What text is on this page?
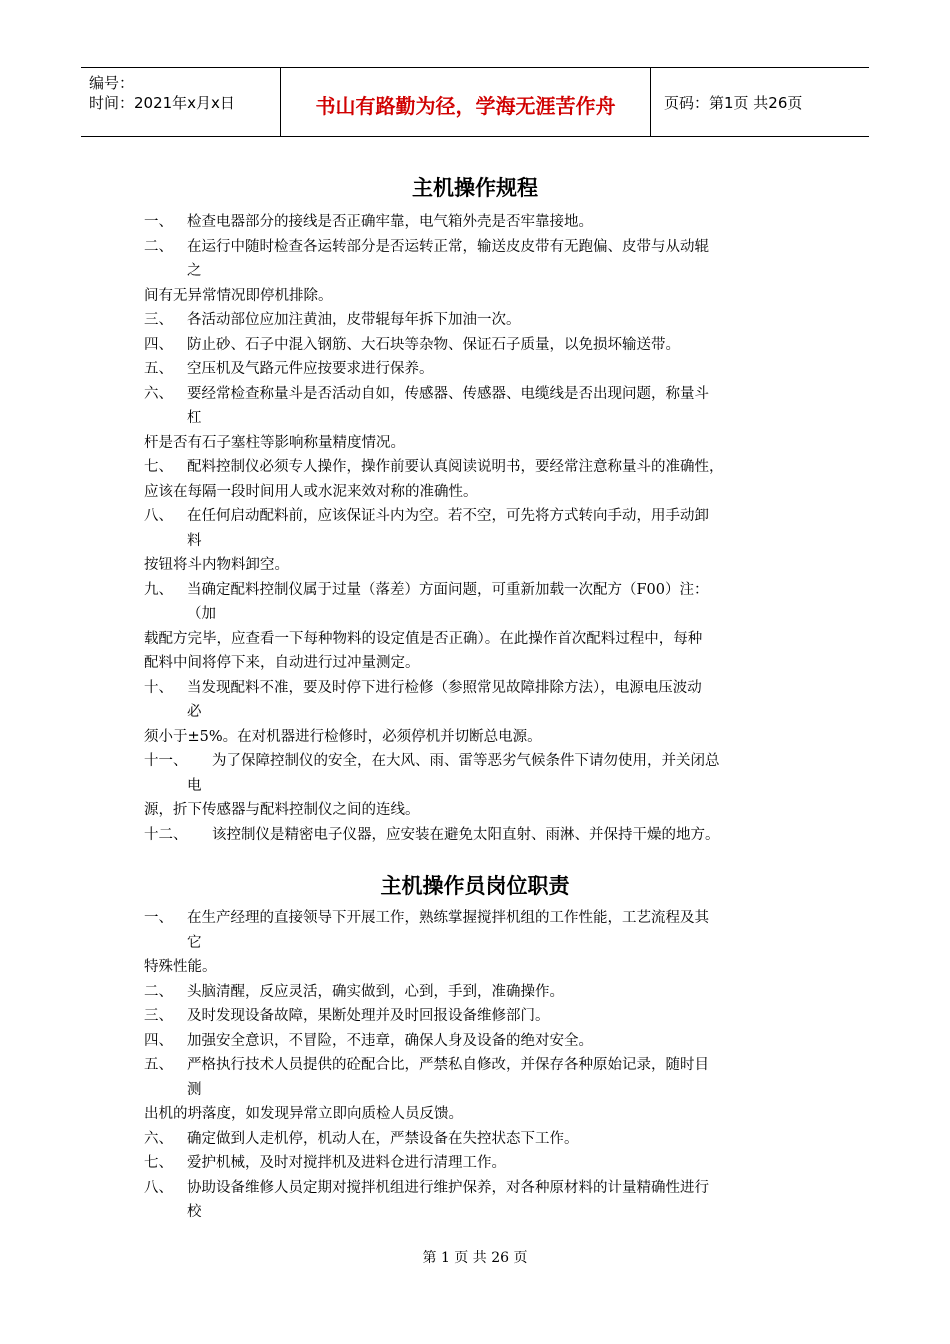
编号：
时间：2021年x月x日	书山有路勤为径，学海无涯苦作舟	页码：第1页 共26页
主机操作规程
一、 检查电器部分的接线是否正确牢靠，电气箱外壳是否牢靠接地。
二、 在运行中随时检查各运转部分是否运转正常，输送皮皮带有无跑偏、皮带与从动辊
之
间有无异常情况即停机排除。
三、 各活动部位应加注黄油，皮带辊每年拆下加油一次。
四、 防止砂、石子中混入钢筋、大石块等杂物、保证石子质量，以免损坏输送带。
五、 空压机及气路元件应按要求进行保养。
六、 要经常检查称量斗是否活动自如，传感器、传感器、电缆线是否出现问题，称量斗
杠
杆是否有石子塞柱等影响称量精度情况。
七、 配料控制仪必须专人操作，操作前要认真阅读说明书，要经常注意称量斗的准确性，
应该在每隔一段时间用人或水泥来效对称的准确性。
八、 在任何启动配料前，应该保证斗内为空。若不空，可先将方式转向手动，用手动卸
料
按钮将斗内物料卸空。
九、 当确定配料控制仪属于过量（落差）方面问题，可重新加载一次配方（F00）注：
（加
载配方完毕，应查看一下每种物料的设定值是否正确）。在此操作首次配料过程中，每种
配料中间将停下来，自动进行过冲量测定。
十、 当发现配料不准，要及时停下进行检修（参照常见故障排除方法），电源电压波动
必
须小于±5%。在对机器进行检修时，必须停机并切断总电源。
十一、 为了保障控制仪的安全，在大风、雨、雷等恶劣气候条件下请勿使用，并关闭总
电
源，折下传感器与配料控制仪之间的连线。
十二、 该控制仪是精密电子仪器，应安装在避免太阳直射、雨淋、并保持干燥的地方。
主机操作员岗位职责
一、 在生产经理的直接领导下开展工作，熟练掌握搅拌机组的工作性能，工艺流程及其
它
特殊性能。
二、 头脑清醒，反应灵活，确实做到，心到，手到，准确操作。
三、 及时发现设备故障，果断处理并及时回报设备维修部门。
四、 加强安全意识，不冒险，不违章，确保人身及设备的绝对安全。
五、 严格执行技术人员提供的砼配合比，严禁私自修改，并保存各种原始记录，随时目
测
出机的坍落度，如发现异常立即向质检人员反馈。
六、 确定做到人走机停，机动人在，严禁设备在失控状态下工作。
七、 爱护机械，及时对搅拌机及进料仓进行清理工作。
八、 协助设备维修人员定期对搅拌机组进行维护保养，对各种原材料的计量精确性进行
校
第 1 页 共 26 页
